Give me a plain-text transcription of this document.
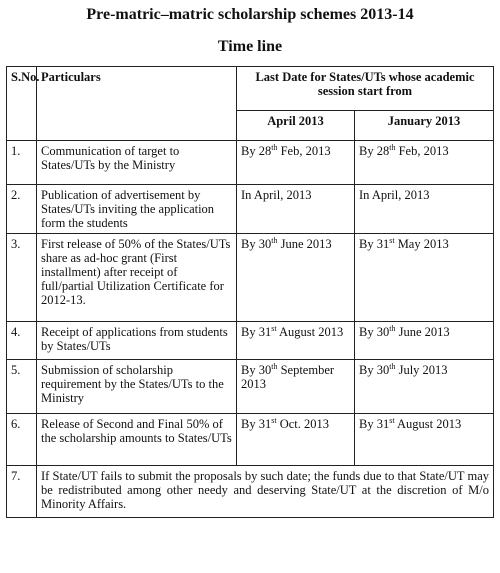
Pre-matric–matric scholarship schemes 2013-14
Time line
S.No.	Particulars	Last Date for States/UTs whose academic session start from	
		April 2013	January 2013
1.	Communication of target to States/UTs by the Ministry	By 28th Feb, 2013	By 28th Feb, 2013
2.	Publication of advertisement by States/UTs inviting the application form the students	In April, 2013	In April, 2013
3.	First release of 50% of the States/UTs share as ad-hoc grant (First installment) after receipt of full/partial Utilization Certificate for 2012-13.	By 30th June 2013	By 31st May 2013
4.	Receipt of applications from students by States/UTs	By 31st August 2013	By 30th June 2013
5.	Submission of scholarship requirement by the States/UTs to the Ministry	By 30th September 2013	By 30th July 2013
6.	Release of Second and Final 50% of the scholarship amounts to States/UTs	By 31st Oct. 2013	By 31st August 2013
7.	If State/UT fails to submit the proposals by such date; the funds due to that State/UT may be redistributed among other needy and deserving State/UT at the discretion of M/o Minority Affairs.		
